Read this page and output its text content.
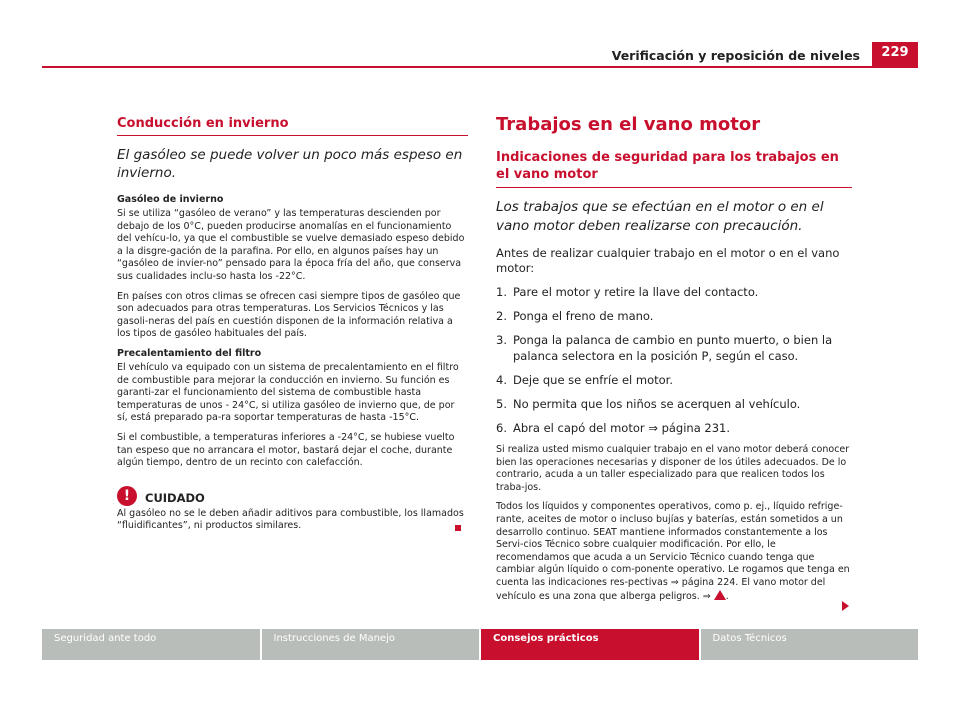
Verificación y reposición de niveles	229
Conducción en invierno
El gasóleo se puede volver un poco más espeso en invierno.
Gasóleo de invierno

Si se utiliza “gasóleo de verano” y las temperaturas descienden por debajo de los 0°C, pueden producirse anomalías en el funcionamiento del vehícu-lo, ya que el combustible se vuelve demasiado espeso debido a la disgre-gación de la parafina. Por ello, en algunos países hay un “gasóleo de invier-no” pensado para la época fría del año, que conserva sus cualidades inclu-so hasta los -22°C.

En países con otros climas se ofrecen casi siempre tipos de gasóleo que son adecuados para otras temperaturas. Los Servicios Técnicos y las gasoli-neras del país en cuestión disponen de la información relativa a los tipos de gasóleo habituales del país.

Precalentamiento del filtro

El vehículo va equipado con un sistema de precalentamiento en el filtro de combustible para mejorar la conducción en invierno. Su función es garanti-zar el funcionamiento del sistema de combustible hasta temperaturas de unos - 24°C, si utiliza gasóleo de invierno que, de por sí, está preparado pa-ra soportar temperaturas de hasta -15°C.

Si el combustible, a temperaturas inferiores a -24°C, se hubiese vuelto tan espeso que no arrancara el motor, bastará dejar el coche, durante algún tiempo, dentro de un recinto con calefacción.

!	CUIDADO

Al gasóleo no se le deben añadir aditivos para combustible, los llamados “fluidificantes”, ni productos similares.

Trabajos en el vano motor
Indicaciones de seguridad para los trabajos en el vano motor
Los trabajos que se efectúan en el motor o en el vano motor deben realizarse con precaución.
Antes de realizar cualquier trabajo en el motor o en el vano motor:
1. Pare el motor y retire la llave del contacto.
2. Ponga el freno de mano.
3. Ponga la palanca de cambio en punto muerto, o bien la palanca selectora en la posición P, según el caso.
4. Deje que se enfríe el motor.
5. No permita que los niños se acerquen al vehículo.
6. Abra el capó del motor ⇒ página 231.

Si realiza usted mismo cualquier trabajo en el vano motor deberá conocer bien las operaciones necesarias y disponer de los útiles adecuados. De lo contrario, acuda a un taller especializado para que realicen todos los traba-jos.

Todos los líquidos y componentes operativos, como p. ej., líquido refrige-rante, aceites de motor o incluso bujías y baterías, están sometidos a un desarrollo continuo. SEAT mantiene informados constantemente a los Servi-cios Técnico sobre cualquier modificación. Por ello, le recomendamos que acuda a un Servicio Técnico cuando tenga que cambiar algún líquido o com-ponente operativo. Le rogamos que tenga en cuenta las indicaciones res-pectivas ⇒ página 224. El vano motor del vehículo es una zona que alberga peligros. ⇒ .

Seguridad ante todo	Instrucciones de Manejo	Consejos prácticos	Datos Técnicos
